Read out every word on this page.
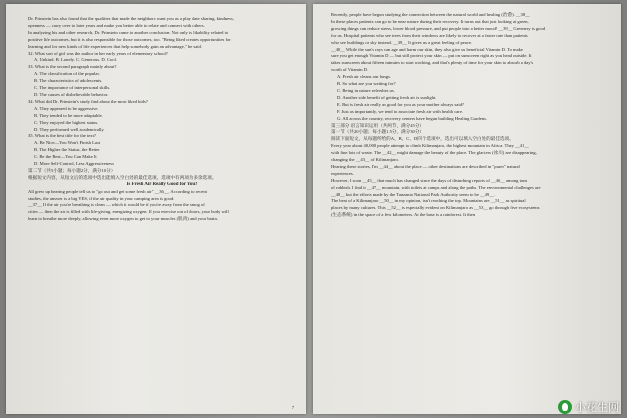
Dr. Prinstein has also found that the qualities that made the neighbors want you as a play date sharing, kindness,
openness — carry over to later years and make you better able to relate and connect with others.
In analyzing his and other research, Dr. Prinstein came to another conclusion: Not only is likability related to
positive life outcomes, but it is also responsible for those outcomes, too. "Being liked creates opportunities for
learning and for new kinds of life experiences that help somebody gain an advantage," he said.
32. What sort of girl was the author in her early years of elementary school?
A. Unkind. B. Lonely. C. Generous. D. Cool.
33. What is the second paragraph mainly about?
A. The classification of the popular.
B. The characteristics of adolescents.
C. The importance of interpersonal skills.
D. The causes of disbelievable behavior.
34. What did Dr. Prinstein's study find about the most liked kids?
A. They appeared to be aggressive.
B. They tended to be more adaptable.
C. They enjoyed the highest status.
D. They performed well academically.
35. What is the best title for the text?
A. Be Nice—You Won't Finish Last
B. The Higher the Status, the Better
C. Be the Best—You Can Make It
D. More Self-Control, Less Aggressiveness
第二节（共5小题；每小题2分，满分10分）
根据短文内容，从短文后的选项中选出能填入空白处的最佳选项。选项中有两项为多余选项。
Is Fresh Air Really Good for You?
All grew up hearing people tell us to "go out and get some fresh air" __36__. According to recent
studies, the answer is a big YES, if the air quality in your camping area is good.
__37__ If the air you're breathing is clean — which it would be if you're away from the smog of
cities — then the air is filled with life-giving, energizing oxygen. If you exercise out of doors, your body will
learn to breathe more deeply, allowing even more oxygen to get to your muscles (肌肉) and your brain.
7
Recently, people have begun studying the connection between the natural world and healing (治愈). __38__
In these places patients can go to be near nature during their recovery. It turns out that just looking at green,
growing things can reduce stress, lower blood pressure, and put people into a better mood! __39__ Greenery is good
for us. Hospital patients who see trees from their windows are likely to recover at a faster rate than patients
who see buildings or sky instead. __39__ It gives us a great feeling of peace.
__40__ While the sun's rays can age and harm our skin, they also give us beneficial Vitamin D. To make
sure you get enough Vitamin D — but still protect your skin — put on sunscreen right as you head outside. It
takes sunscreen about fifteen minutes to start working, and that's plenty of time for your skin to absorb a day's
worth of Vitamin D.
A. Fresh air cleans our lungs.
B. So what are you waiting for?
C. Being in nature refreshes us.
D. Another side benefit of getting fresh air is sunlight.
E. But is fresh air really as good for you as your mother always said?
F. Just as importantly, we tend to associate fresh air with health care.
G. All across the country, recovery centers have begun building Healing Gardens.
第三部分 语言知识运用（共两节，满分45分）
第一节（共20小题；每小题1.5分，满分30分）
阅读下面短文，从每题所给的A、B、C、D四个选项中，选出可以填入空白处的最佳选项。
Every year about 40,000 people attempt to climb Kilimanjaro, the highest mountain in Africa. They __41__
with fine lots of waste. The __42__ might damage the beauty of the place. The glaciers (冰川) are disappearing,
changing the __43__ of Kilimanjaro.
Hearing these stories, I'm __44__ about the place — other destinations are described in "purer" natural
experiences.
However, I soon __45__ that much has changed since the days of disturbing reports of __46__ among tons
of rubbish. I find it __47__ mountain, with toilets at camps and along the paths. The environmental challenges are
__48__ but the efforts made by the Tanzania National Park Authority seem to be __49__.
The beat of a Kilimanjaro __50__ in my opinion, isn't reaching the top. Mountains are __51__ as spiritual
places by many cultures. This __52__ is especially evident on Kilimanjaro as __53__ go through five ecosystems
(生态系统) in the space of a few kilometers. At the base is a rainforest. It then
小花生网
